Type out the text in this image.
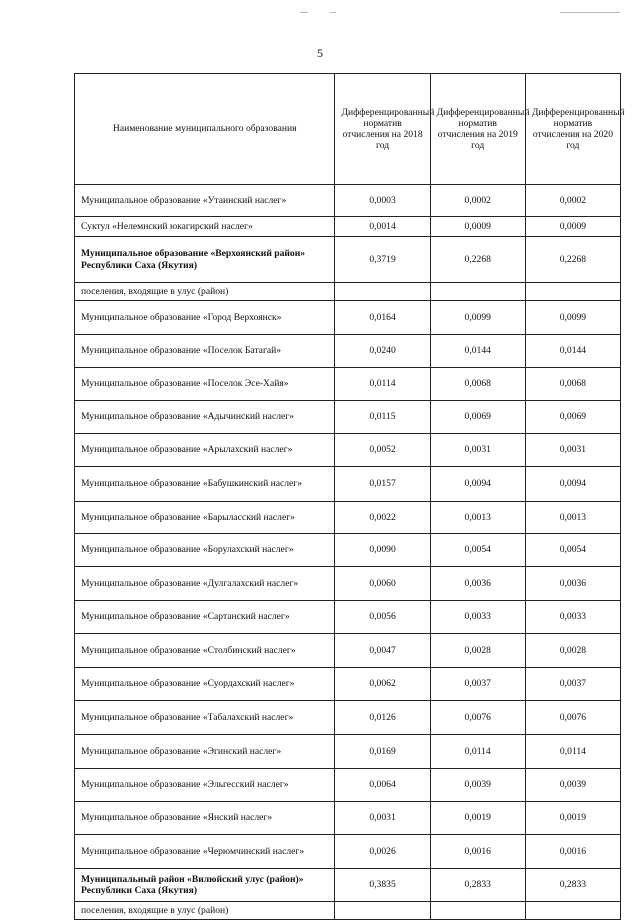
5
Наименование муниципального образования	Дифференцированный норматив отчисления на 2018 год	Дифференцированный норматив отчисления на 2019 год	Дифференцированный норматив отчисления на 2020 год
Муниципальное образование «Утаинский наслег»	0,0003	0,0002	0,0002
Суктул «Нелемнский юкагирский наслег»	0,0014	0,0009	0,0009
Муниципальное образование «Верхоянский район» Республики Саха (Якутия)	0,3719	0,2268	0,2268
поселения, входящие в улус (район)			
Муниципальное образование «Город Верхоянск»	0,0164	0,0099	0,0099
Муниципальное образование «Поселок Батагай»	0,0240	0,0144	0,0144
Муниципальное образование «Поселок Эсе-Хайя»	0,0114	0,0068	0,0068
Муниципальное образование «Адычинский наслег»	0,0115	0,0069	0,0069
Муниципальное образование «Арылахский наслег»	0,0052	0,0031	0,0031
Муниципальное образование «Бабушкинский наслег»	0,0157	0,0094	0,0094
Муниципальное образование «Барыласский наслег»	0,0022	0,0013	0,0013
Муниципальное образование «Борулахский наслег»	0,0090	0,0054	0,0054
Муниципальное образование «Дулгалахский наслег»	0,0060	0,0036	0,0036
Муниципальное образование «Сартанский наслег»	0,0056	0,0033	0,0033
Муниципальное образование «Столбинский наслег»	0,0047	0,0028	0,0028
Муниципальное образование «Суордахский наслег»	0,0062	0,0037	0,0037
Муниципальное образование «Табалахский наслег»	0,0126	0,0076	0,0076
Муниципальное образование «Эгинский наслег»	0,0169	0,0114	0,0114
Муниципальное образование «Эльгесский наслег»	0,0064	0,0039	0,0039
Муниципальное образование «Янский наслег»	0,0031	0,0019	0,0019
Муниципальное образование «Черюмчинский наслег»	0,0026	0,0016	0,0016
Муниципальный район «Вилюйский улус (район)» Республики Саха (Якутия)	0,3835	0,2833	0,2833
поселения, входящие в улус (район)			
